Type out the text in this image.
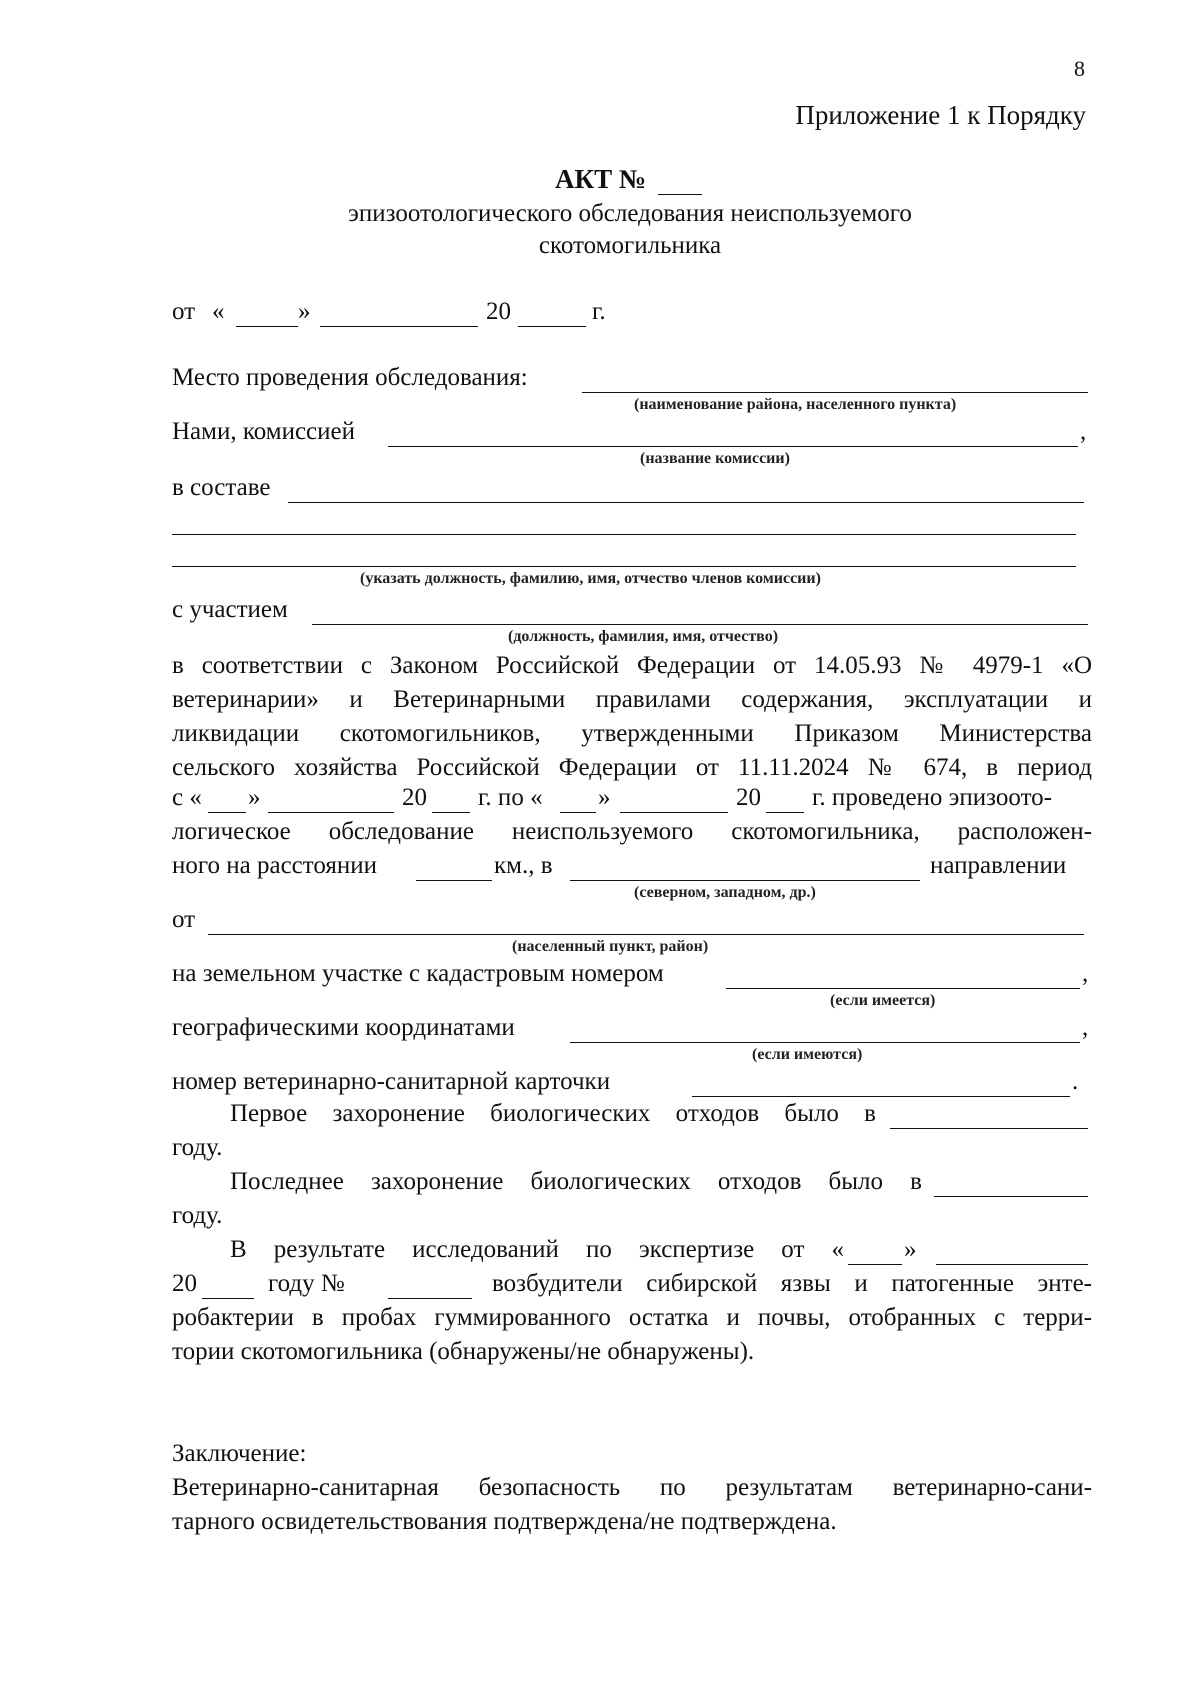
8
Приложение 1 к Порядку
АКТ №
эпизоотологического обследования неиспользуемого
скотомогильника
от «	»	20	г.
Место проведения обследования:
(наименование района, населенного пункта)
Нами, комиссией	,
(название комиссии)
в составе
(указать должность, фамилию, имя, отчество членов комиссии)
с участием
(должность, фамилия, имя, отчество)
в соответствии с Законом Российской Федерации от 14.05.93 № 4979-1 «О
ветеринарии» и Ветеринарными правилами содержания, эксплуатации и
ликвидации скотомогильников, утвержденными Приказом Министерства
сельского хозяйства Российской Федерации от 11.11.2024 № 674, в период
с « »	20 г. по « »	20 г. проведено эпизоото-
логическое обследование неиспользуемого скотомогильника, расположен-
ного на расстоянии	км., в	направлении
(северном, западном, др.)
от
(населенный пункт, район)
на земельном участке с кадастровым номером	,
(если имеется)
географическими координатами	,
(если имеются)
номер ветеринарно-санитарной карточки	.
Первое захоронение биологических отходов было в
году.
Последнее захоронение биологических отходов было в
году.
В результате исследований по экспертизе от « »
20	году №	возбудители сибирской язвы и патогенные энте-
робактерии в пробах гуммированного остатка и почвы, отобранных с терри-
тории скотомогильника (обнаружены/не обнаружены).
Заключение:
Ветеринарно-санитарная безопасность по результатам ветеринарно-сани-
тарного освидетельствования подтверждена/не подтверждена.
